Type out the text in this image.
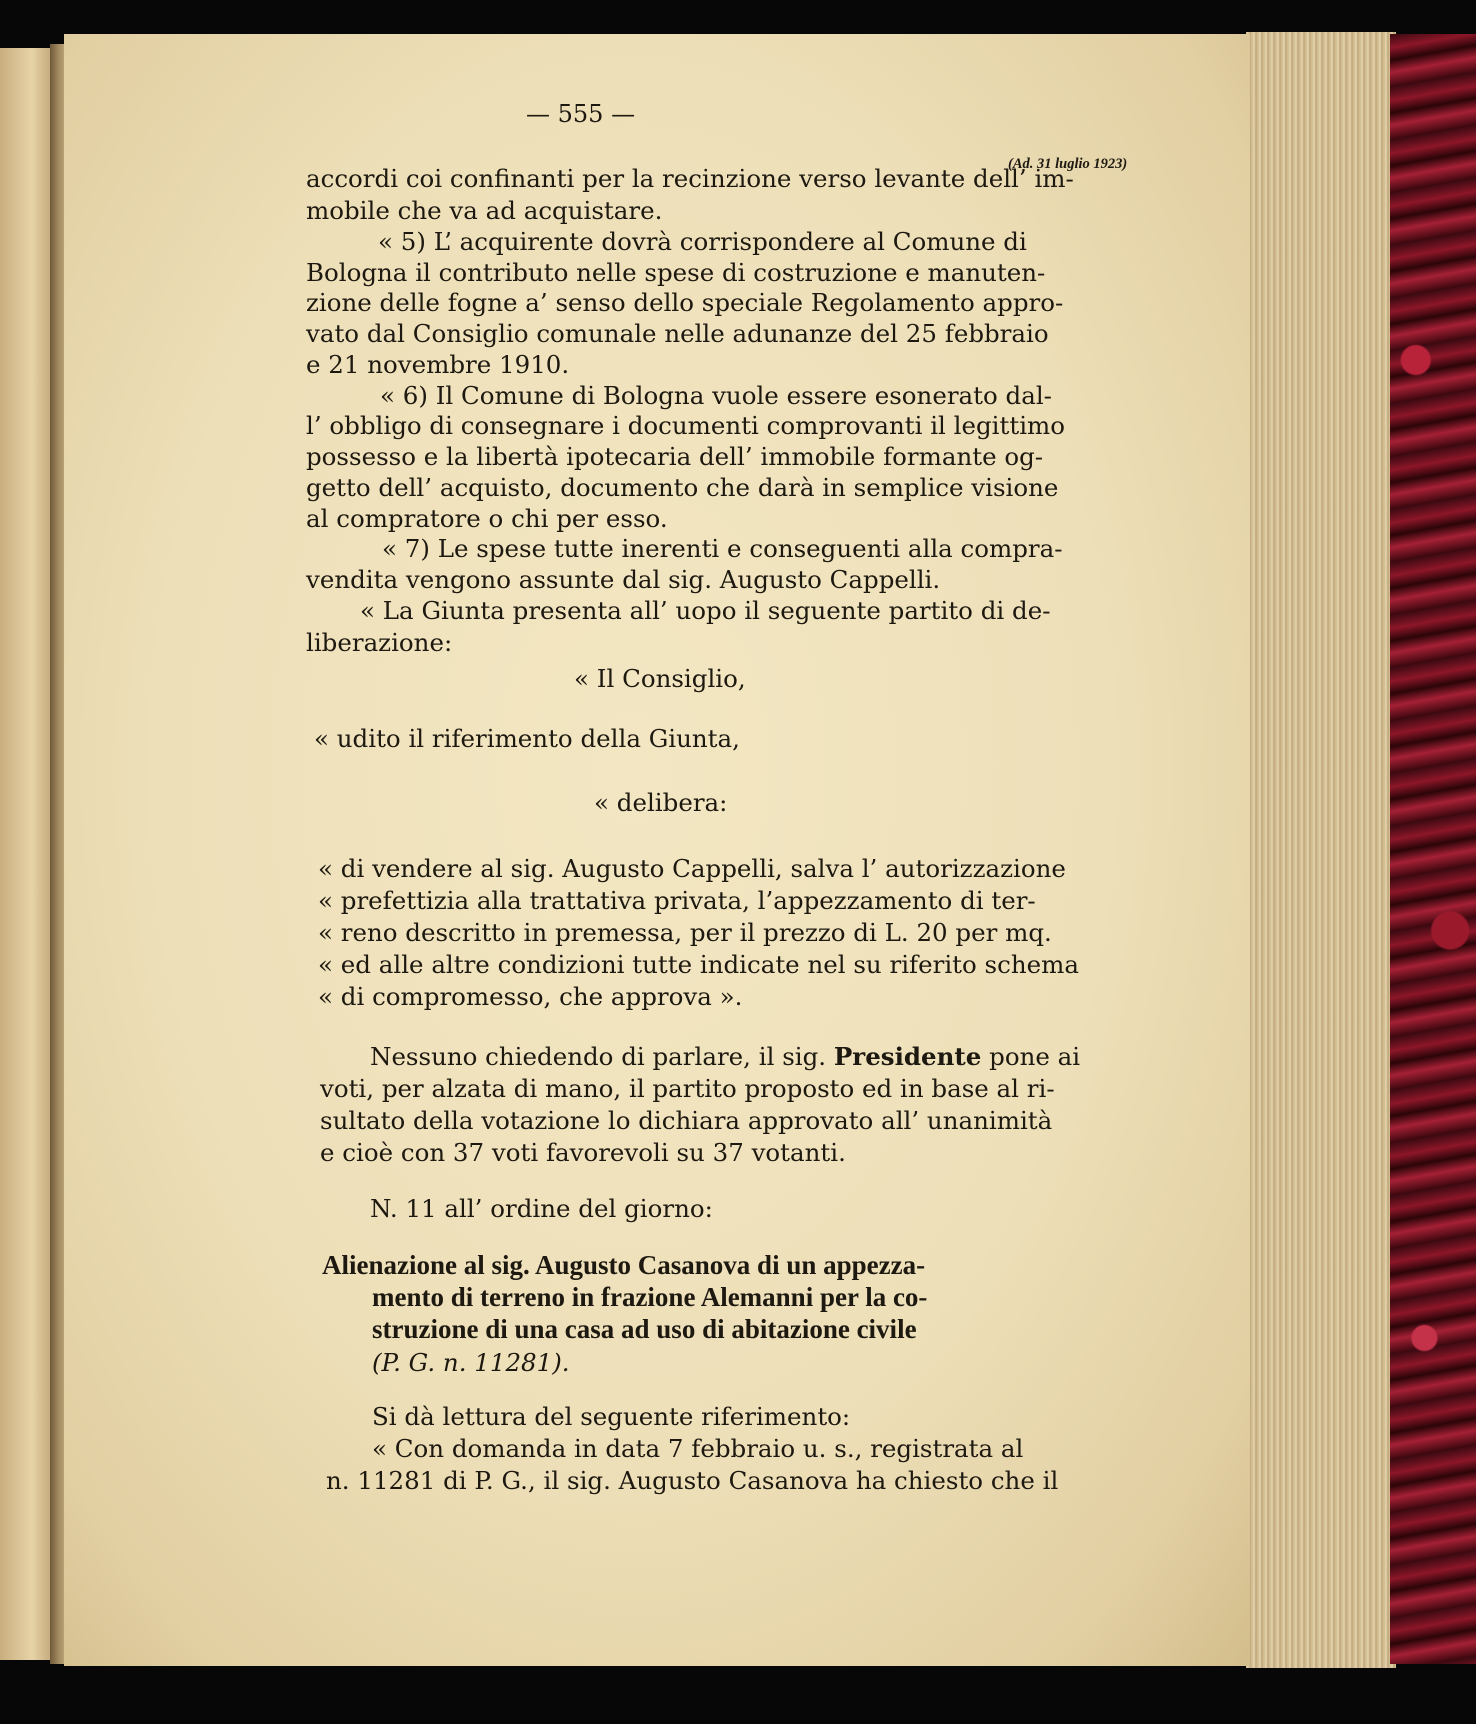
— 555 —
(Ad. 31 luglio 1923)
accordi coi confinanti per la recinzione verso levante dell’ im-
mobile che va ad acquistare.
« 5) L’ acquirente dovrà corrispondere al Comune di
Bologna il contributo nelle spese di costruzione e manuten-
zione delle fogne a’ senso dello speciale Regolamento appro-
vato dal Consiglio comunale nelle adunanze del 25 febbraio
e 21 novembre 1910.
« 6) Il Comune di Bologna vuole essere esonerato dal-
l’ obbligo di consegnare i documenti comprovanti il legittimo
possesso e la libertà ipotecaria dell’ immobile formante og-
getto dell’ acquisto, documento che darà in semplice visione
al compratore o chi per esso.
« 7) Le spese tutte inerenti e conseguenti alla compra-
vendita vengono assunte dal sig. Augusto Cappelli.
« La Giunta presenta all’ uopo il seguente partito di de-
liberazione:
« Il Consiglio,
« udito il riferimento della Giunta,
« delibera:
« di vendere al sig. Augusto Cappelli, salva l’ autorizzazione
« prefettizia alla trattativa privata, l’appezzamento di ter-
« reno descritto in premessa, per il prezzo di L. 20 per mq.
« ed alle altre condizioni tutte indicate nel su riferito schema
« di compromesso, che approva ».
Nessuno chiedendo di parlare, il sig. Presidente pone ai
voti, per alzata di mano, il partito proposto ed in base al ri-
sultato della votazione lo dichiara approvato all’ unanimità
e cioè con 37 voti favorevoli su 37 votanti.
N. 11 all’ ordine del giorno:
Alienazione al sig. Augusto Casanova di un appezza-
mento di terreno in frazione Alemanni per la co-
struzione di una casa ad uso di abitazione civile
(P. G. n. 11281).
Si dà lettura del seguente riferimento:
« Con domanda in data 7 febbraio u. s., registrata al
n. 11281 di P. G., il sig. Augusto Casanova ha chiesto che il
